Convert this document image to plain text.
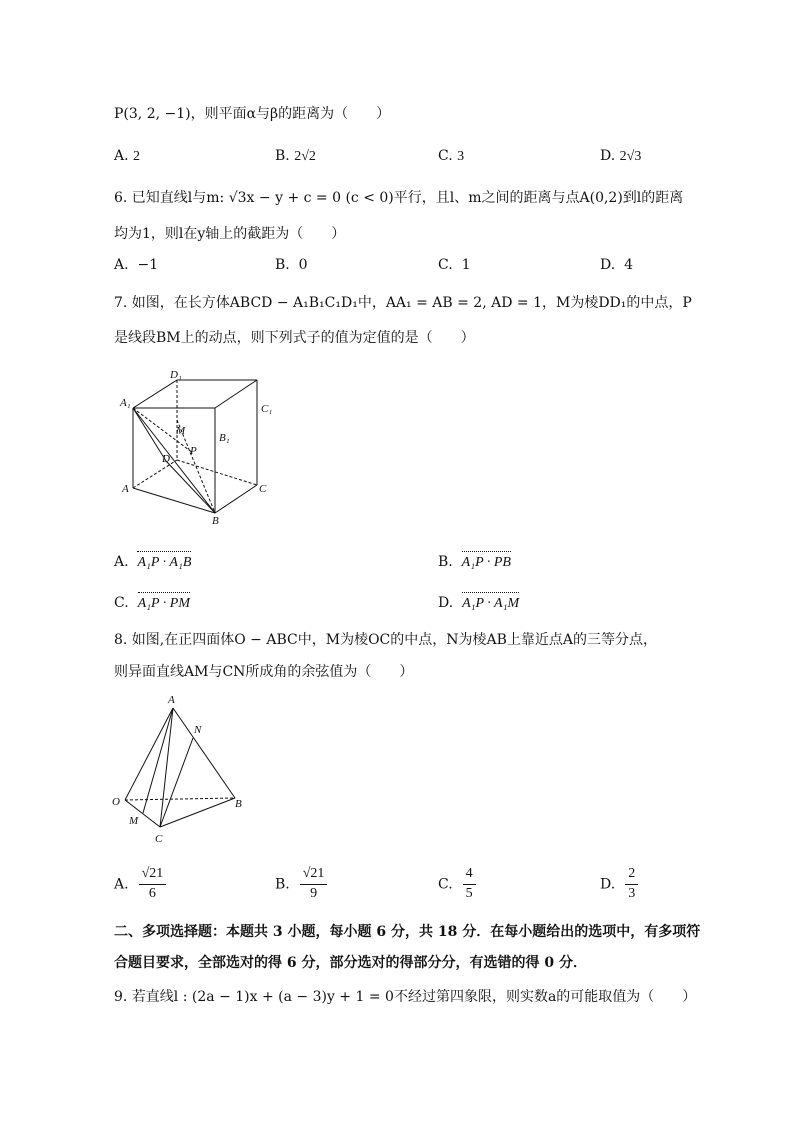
P(3, 2, −1)，则平面α与β的距离为（　　）
A. 2	B. 2√2	C. 3	D. 2√3
6. 已知直线l与m: √3x − y + c = 0 (c < 0)平行，且l、m之间的距离与点A(0,2)到l的距离
均为1，则l在y轴上的截距为（　　）
A. −1	B. 0	C. 1	D. 4
7. 如图，在长方体ABCD − A₁B₁C₁D₁中，AA₁ = AB = 2, AD = 1，M为棱DD₁的中点，P
是线段BM上的动点，则下列式子的值为定值的是（　　）
D₁
A₁	C₁
B₁
M
P
D
A	C
B
A. A₁P · A₁B	B. A₁P · PB
C. A₁P · PM	D. A₁P · A₁M
8. 如图,在正四面体O − ABC中，M为棱OC的中点，N为棱AB上靠近点A的三等分点，
则异面直线AM与CN所成角的余弦值为（　　）
A
N
O	B
M
C
A. $\frac{√21}{6}$	B. $\frac{√21}{9}$	C. $\frac{4}{5}$	D. $\frac{2}{3}$
二、多项选择题：本题共 3 小题，每小题 6 分，共 18 分．在每小题给出的选项中，有多项符
合题目要求，全部选对的得 6 分，部分选对的得部分分，有选错的得 0 分．
9. 若直线l : (2a − 1)x + (a − 3)y + 1 = 0不经过第四象限，则实数a的可能取值为（　　）
